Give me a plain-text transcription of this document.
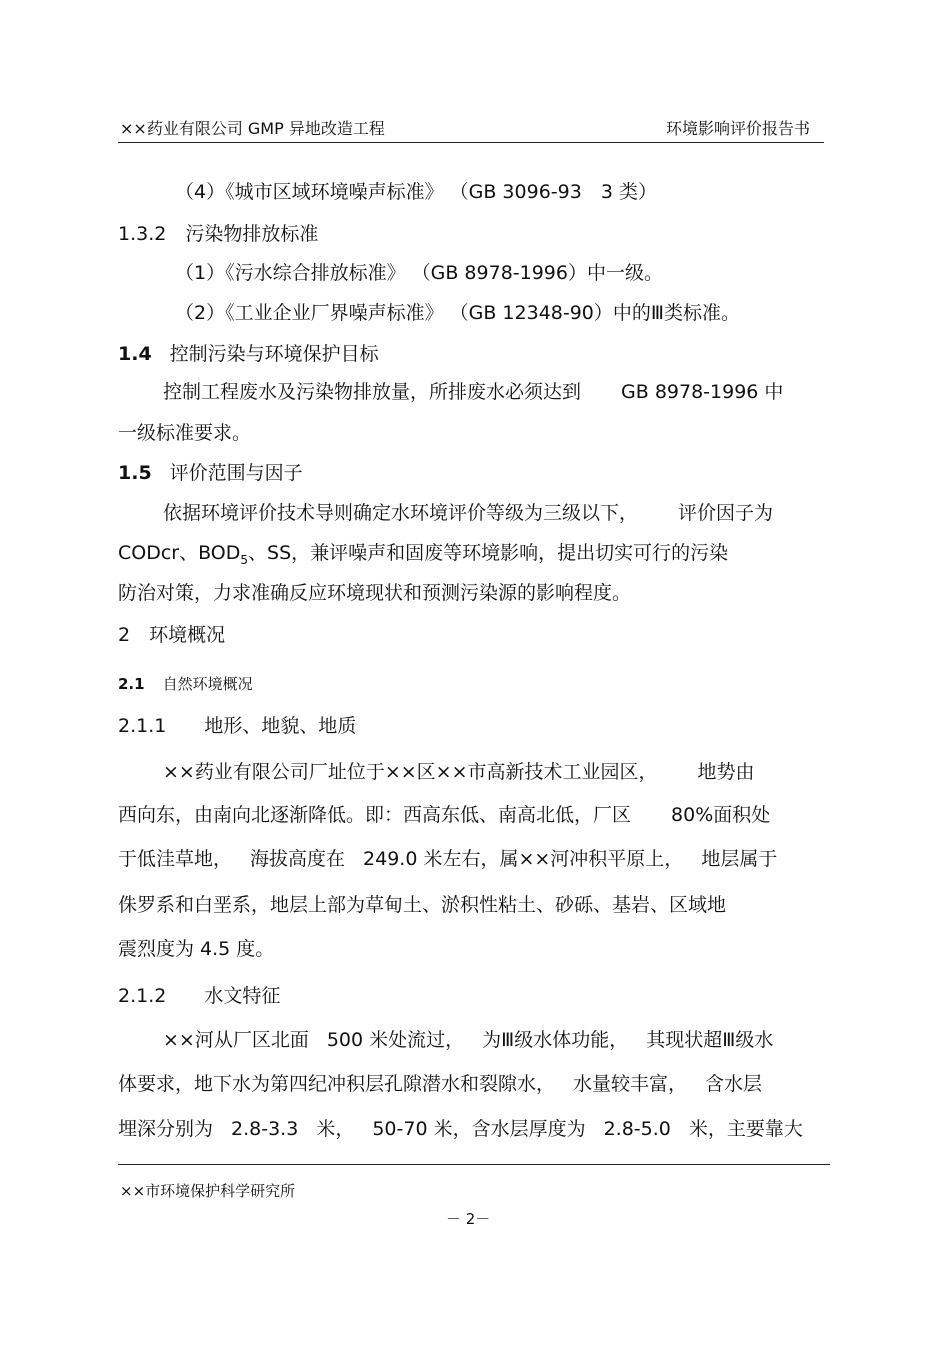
××药业有限公司 GMP 异地改造工程	环境影响评价报告书
（4）《城市区域环境噪声标准》 （GB 3096-93　3 类）
1.3.2　污染物排放标准
（1）《污水综合排放标准》 （GB 8978-1996）中一级。
（2）《工业企业厂界噪声标准》 （GB 12348-90）中的Ⅲ类标准。
1.4 控制污染与环境保护目标
控制工程废水及污染物排放量，所排废水必须达到 GB 8978-1996 中
一级标准要求。
1.5 评价范围与因子
依据环境评价技术导则确定水环境评价等级为三级以下， 评价因子为
CODcr、$BOD_5$、SS，兼评噪声和固废等环境影响，提出切实可行的污染
防治对策，力求准确反应环境现状和预测污染源的影响程度。
2　环境概况
2.1 自然环境概况
2.1.1　　地形、地貌、地质
××药业有限公司厂址位于××区××市高新技术工业园区， 地势由
西向东，由南向北逐渐降低。即：西高东低、南高北低，厂区 80%面积处
于低洼草地， 海拔高度在 249.0 米左右，属××河冲积平原上， 地层属于
侏罗系和白垩系，地层上部为草甸土、淤积性粘土、砂砾、基岩、区域地
震烈度为 4.5 度。
2.1.2　　水文特征
××河从厂区北面 500 米处流过， 为Ⅲ级水体功能， 其现状超Ⅲ级水
体要求，地下水为第四纪冲积层孔隙潜水和裂隙水， 水量较丰富， 含水层
埋深分别为 2.8-3.3 米， 50-70 米，含水层厚度为 2.8-5.0 米，主要靠大
××市环境保护科学研究所
－ 2－
